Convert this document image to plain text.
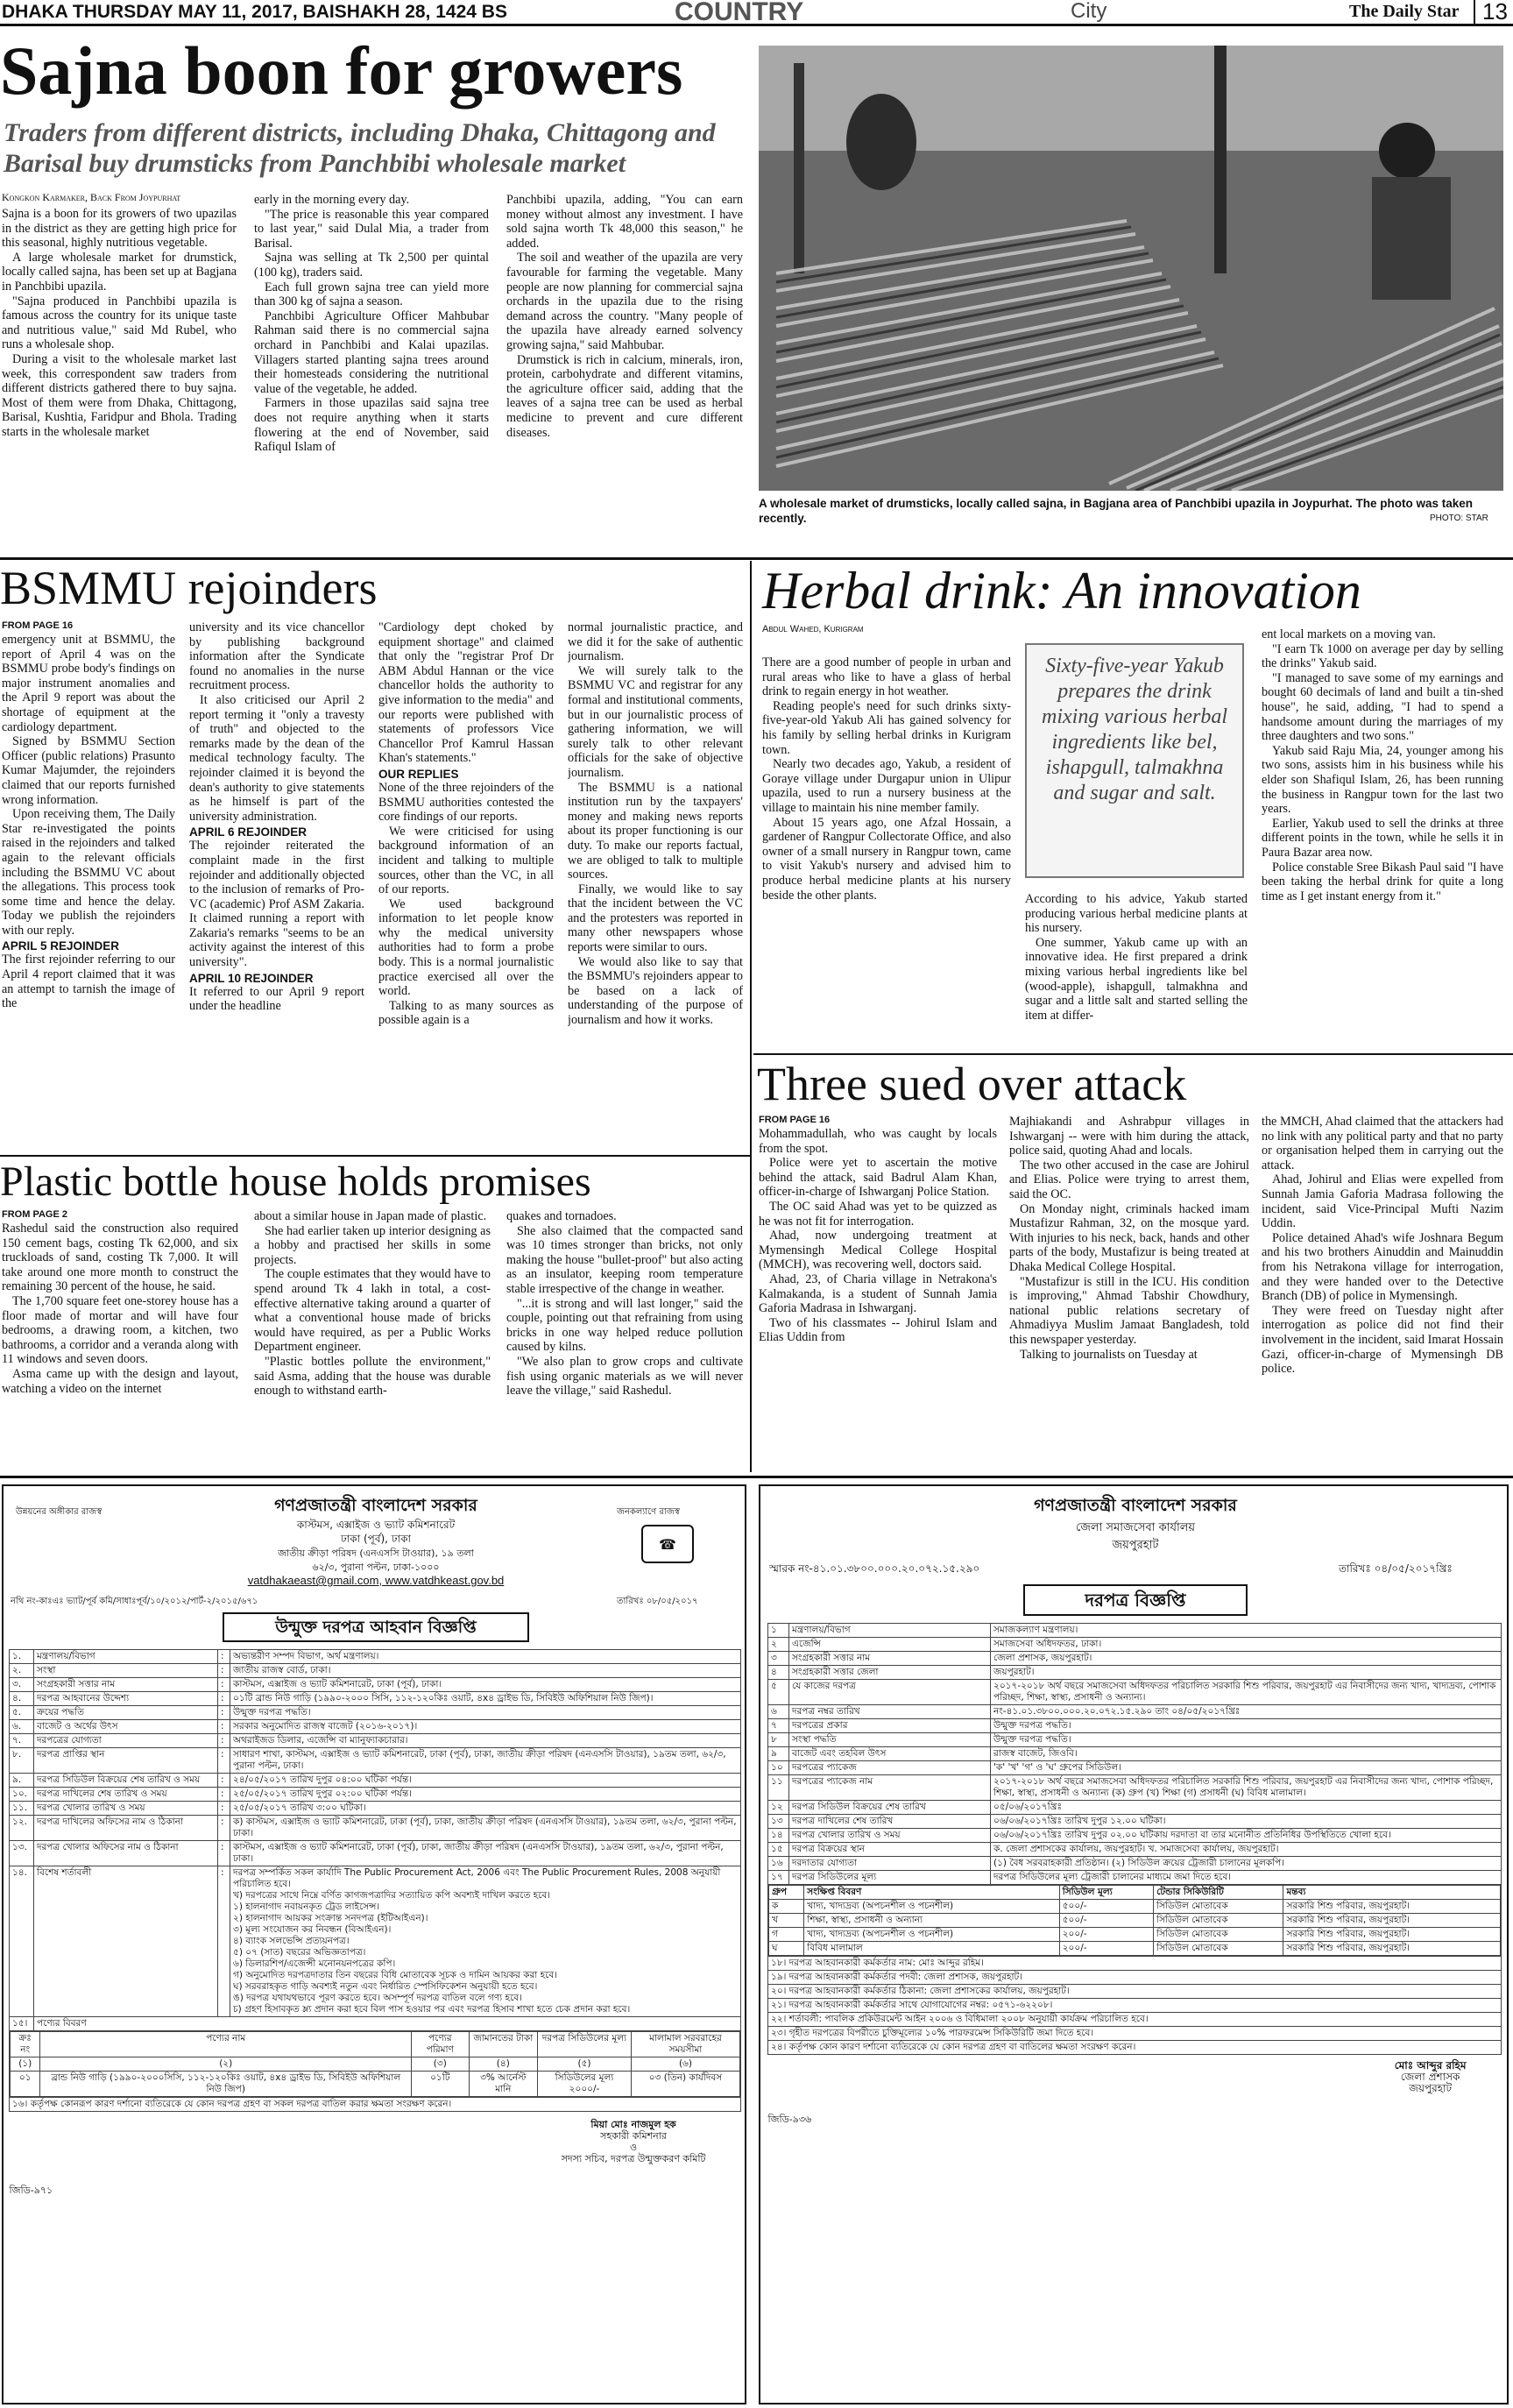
DHAKA THURSDAY MAY 11, 2017, BAISHAKH 28, 1424 BS	COUNTRY	City	The Daily Star	13
Sajna boon for growers
Traders from different districts, including Dhaka, Chittagong and Barisal buy drumsticks from Panchbibi wholesale market
Kongkon Karmaker, Back From Joypurhat

Sajna is a boon for its growers of two upazilas in the district as they are getting high price for this seasonal, highly nutritious vegetable.

A large wholesale market for drumstick, locally called sajna, has been set up at Bagjana in Panchbibi upazila.

"Sajna produced in Panchbibi upazila is famous across the country for its unique taste and nutritious value," said Md Rubel, who runs a wholesale shop.

During a visit to the wholesale market last week, this correspondent saw traders from different districts gathered there to buy sajna. Most of them were from Dhaka, Chittagong, Barisal, Kushtia, Faridpur and Bhola. Trading starts in the wholesale market

early in the morning every day.

"The price is reasonable this year compared to last year," said Dulal Mia, a trader from Barisal.

Sajna was selling at Tk 2,500 per quintal (100 kg), traders said.

Each full grown sajna tree can yield more than 300 kg of sajna a season.

Panchbibi Agriculture Officer Mahbubar Rahman said there is no commercial sajna orchard in Panchbibi and Kalai upazilas. Villagers started planting sajna trees around their homesteads considering the nutritional value of the vegetable, he added.

Farmers in those upazilas said sajna tree does not require anything when it starts flowering at the end of November, said Rafiqul Islam of

Panchbibi upazila, adding, "You can earn money without almost any investment. I have sold sajna worth Tk 48,000 this season," he added.

The soil and weather of the upazila are very favourable for farming the vegetable. Many people are now planning for commercial sajna orchards in the upazila due to the rising demand across the country. "Many people of the upazila have already earned solvency growing sajna," said Mahbubar.

Drumstick is rich in calcium, minerals, iron, protein, carbohydrate and different vitamins, the agriculture officer said, adding that the leaves of a sajna tree can be used as herbal medicine to prevent and cure different diseases.

A wholesale market of drumsticks, locally called sajna, in Bagjana area of Panchbibi upazila in Joypurhat. The photo was taken recently.	PHOTO: STAR
BSMMU rejoinders
FROM PAGE 16

emergency unit at BSMMU, the report of April 4 was on the BSMMU probe body's findings on major instrument anomalies and the April 9 report was about the shortage of equipment at the cardiology department.

Signed by BSMMU Section Officer (public relations) Prasunto Kumar Majumder, the rejoinders claimed that our reports furnished wrong information.

Upon receiving them, The Daily Star re-investigated the points raised in the rejoinders and talked again to the relevant officials including the BSMMU VC about the allegations. This process took some time and hence the delay. Today we publish the rejoinders with our reply.

APRIL 5 REJOINDER

The first rejoinder referring to our April 4 report claimed that it was an attempt to tarnish the image of the

university and its vice chancellor by publishing background information after the Syndicate found no anomalies in the nurse recruitment process.

It also criticised our April 2 report terming it "only a travesty of truth" and objected to the remarks made by the dean of the medical technology faculty. The rejoinder claimed it is beyond the dean's authority to give statements as he himself is part of the university administration.

APRIL 6 REJOINDER

The rejoinder reiterated the complaint made in the first rejoinder and additionally objected to the inclusion of remarks of Pro-VC (academic) Prof ASM Zakaria. It claimed running a report with Zakaria's remarks "seems to be an activity against the interest of this university".

APRIL 10 REJOINDER

It referred to our April 9 report under the headline

"Cardiology dept choked by equipment shortage" and claimed that only the "registrar Prof Dr ABM Abdul Hannan or the vice chancellor holds the authority to give information to the media" and our reports were published with statements of professors Vice Chancellor Prof Kamrul Hassan Khan's statements."

OUR REPLIES

None of the three rejoinders of the BSMMU authorities contested the core findings of our reports.

We were criticised for using background information of an incident and talking to multiple sources, other than the VC, in all of our reports.

We used background information to let people know why the medical university authorities had to form a probe body. This is a normal journalistic practice exercised all over the world.

Talking to as many sources as possible again is a

normal journalistic practice, and we did it for the sake of authentic journalism.

We will surely talk to the BSMMU VC and registrar for any formal and institutional comments, but in our journalistic process of gathering information, we will surely talk to other relevant officials for the sake of objective journalism.

The BSMMU is a national institution run by the taxpayers' money and making news reports about its proper functioning is our duty. To make our reports factual, we are obliged to talk to multiple sources.

Finally, we would like to say that the incident between the VC and the protesters was reported in many other newspapers whose reports were similar to ours.

We would also like to say that the BSMMU's rejoinders appear to be based on a lack of understanding of the purpose of journalism and how it works.

Herbal drink: An innovation
Abdul Wahed, Kurigram

There are a good number of people in urban and rural areas who like to have a glass of herbal drink to regain energy in hot weather.

Reading people's need for such drinks sixty-five-year-old Yakub Ali has gained solvency for his family by selling herbal drinks in Kurigram town.

Nearly two decades ago, Yakub, a resident of Goraye village under Durgapur union in Ulipur upazila, used to run a nursery business at the village to maintain his nine member family.

About 15 years ago, one Afzal Hossain, a gardener of Rangpur Collectorate Office, and also owner of a small nursery in Rangpur town, came to visit Yakub's nursery and advised him to produce herbal medicine plants at his nursery beside the other plants.

Sixty-five-year Yakub prepares the drink mixing various herbal ingredients like bel, ishapgull, talmakhna and sugar and salt.

According to his advice, Yakub started producing various herbal medicine plants at his nursery.

One summer, Yakub came up with an innovative idea. He first prepared a drink mixing various herbal ingredients like bel (wood-apple), ishapgull, talmakhna and sugar and a little salt and started selling the item at differ-

ent local markets on a moving van.

"I earn Tk 1000 on average per day by selling the drinks" Yakub said.

"I managed to save some of my earnings and bought 60 decimals of land and built a tin-shed house", he said, adding, "I had to spend a handsome amount during the marriages of my three daughters and two sons."

Yakub said Raju Mia, 24, younger among his two sons, assists him in his business while his elder son Shafiqul Islam, 26, has been running the business in Rangpur town for the last two years.

Earlier, Yakub used to sell the drinks at three different points in the town, while he sells it in Paura Bazar area now.

Police constable Sree Bikash Paul said "I have been taking the herbal drink for quite a long time as I get instant energy from it."

Three sued over attack
FROM PAGE 16

Mohammadullah, who was caught by locals from the spot.

Police were yet to ascertain the motive behind the attack, said Badrul Alam Khan, officer-in-charge of Ishwarganj Police Station.

The OC said Ahad was yet to be quizzed as he was not fit for interrogation.

Ahad, now undergoing treatment at Mymensingh Medical College Hospital (MMCH), was recovering well, doctors said.

Ahad, 23, of Charia village in Netrakona's Kalmakanda, is a student of Sunnah Jamia Gaforia Madrasa in Ishwarganj.

Two of his classmates -- Johirul Islam and Elias Uddin from

Majhiakandi and Ashrabpur villages in Ishwarganj -- were with him during the attack, police said, quoting Ahad and locals.

The two other accused in the case are Johirul and Elias. Police were trying to arrest them, said the OC.

On Monday night, criminals hacked imam Mustafizur Rahman, 32, on the mosque yard. With injuries to his neck, back, hands and other parts of the body, Mustafizur is being treated at Dhaka Medical College Hospital.

"Mustafizur is still in the ICU. His condition is improving," Ahmad Tabshir Chowdhury, national public relations secretary of Ahmadiyya Muslim Jamaat Bangladesh, told this newspaper yesterday.

Talking to journalists on Tuesday at

the MMCH, Ahad claimed that the attackers had no link with any political party and that no party or organisation helped them in carrying out the attack.

Ahad, Johirul and Elias were expelled from Sunnah Jamia Gaforia Madrasa following the incident, said Vice-Principal Mufti Nazim Uddin.

Police detained Ahad's wife Joshnara Begum and his two brothers Ainuddin and Mainuddin from his Netrakona village for interrogation, and they were handed over to the Detective Branch (DB) of police in Mymensingh.

They were freed on Tuesday night after interrogation as police did not find their involvement in the incident, said Imarat Hossain Gazi, officer-in-charge of Mymensingh DB police.

Plastic bottle house holds promises
FROM PAGE 2

Rashedul said the construction also required 150 cement bags, costing Tk 62,000, and six truckloads of sand, costing Tk 7,000. It will take around one more month to construct the remaining 30 percent of the house, he said.

The 1,700 square feet one-storey house has a floor made of mortar and will have four bedrooms, a drawing room, a kitchen, two bathrooms, a corridor and a veranda along with 11 windows and seven doors.

Asma came up with the design and layout, watching a video on the internet

about a similar house in Japan made of plastic.

She had earlier taken up interior designing as a hobby and practised her skills in some projects.

The couple estimates that they would have to spend around Tk 4 lakh in total, a cost-effective alternative taking around a quarter of what a conventional house made of bricks would have required, as per a Public Works Department engineer.

"Plastic bottles pollute the environment," said Asma, adding that the house was durable enough to withstand earth-

quakes and tornadoes.

She also claimed that the compacted sand was 10 times stronger than bricks, not only making the house "bullet-proof" but also acting as an insulator, keeping room temperature stable irrespective of the change in weather.

"...it is strong and will last longer," said the couple, pointing out that refraining from using bricks in one way helped reduce pollution caused by kilns.

"We also plan to grow crops and cultivate fish using organic materials as we will never leave the village," said Rashedul.

উন্নয়নের অঙ্গীকার রাজস্ব	জনকল্যাণে রাজস্ব
☎
গণপ্রজাতন্ত্রী বাংলাদেশ সরকার
কাস্টমস, এক্সাইজ ও ভ্যাট কমিশনারেট
ঢাকা (পূর্ব), ঢাকা
জাতীয় ক্রীড়া পরিষদ (এনএসসি টাওয়ার), ১৯ তলা
৬২/৩, পুরানা পল্টন, ঢাকা-১০০০
vatdhakaeast@gmail.com, www.vatdhkeast.gov.bd
নথি নং-কাঃএঃ ভ্যাট/পূর্ব কমি/সাধাঃপূর্ব/১০/২০১২/পার্ট-২/২০১৫/৬৭১	তারিখঃ ০৮/০৫/২০১৭
উন্মুক্ত দরপত্র আহবান বিজ্ঞপ্তি
১.	মন্ত্রণালয়/বিভাগ	:	অভ্যন্তরীণ সম্পদ বিভাগ, অর্থ মন্ত্রণালয়।
২.	সংস্থা	:	জাতীয় রাজস্ব বোর্ড, ঢাকা।
৩.	সংগ্রহকারী সত্তার নাম	:	কাস্টমস, এক্সাইজ ও ভ্যাট কমিশনারেট, ঢাকা (পূর্ব), ঢাকা।
৪.	দরপত্র আহবানের উদ্দেশ্য	:	০১টি ব্রান্ড নিউ গাড়ি (১৯৯০-২০০০ সিসি, ১১২-১২০কিঃ ওয়াট, ৪x৪ ড্রাইভ ডি, সিবিইউ অফিশিয়াল নিউ জিপ)।
৫.	ক্রয়ের পদ্ধতি	:	উন্মুক্ত দরপত্র পদ্ধতি।
৬.	বাজেট ও অর্থের উৎস	:	সরকার অনুমোদিত রাজস্ব বাজেট (২০১৬-২০১৭)।
৭.	দরপত্রের যোগ্যতা	:	অথরাইজড ডিলার, এজেন্সি বা ম্যানুফ্যাকচারার।
৮.	দরপত্র প্রাপ্তির স্থান	:	সাধারণ শাখা, কাস্টমস, এক্সাইজ ও ভ্যাট কমিশনারেট, ঢাকা (পূর্ব), ঢাকা, জাতীয় ক্রীড়া পরিষদ (এনএসসি টাওয়ার), ১৯তম তলা, ৬২/৩, পুরানা পল্টন, ঢাকা।
৯.	দরপত্র সিডিউল বিক্রয়ের শেষ তারিখ ও সময়	:	২৪/০৫/২০১৭ তারিখ দুপুর ০৪:০০ ঘটিকা পর্যন্ত।
১০.	দরপত্র দাখিলের শেষ তারিখ ও সময়	:	২৫/০৫/২০১৭ তারিখ দুপুর ০২:০০ ঘটিকা পর্যন্ত।
১১.	দরপত্র খোলার তারিখ ও সময়	:	২৫/০৫/২০১৭ তারিখ ৩:০০ ঘটিকা।
১২.	দরপত্র দাখিলের অফিসের নাম ও ঠিকানা	:	ক) কাস্টমস, এক্সাইজ ও ভ্যাট কমিশনারেট, ঢাকা (পূর্ব), ঢাকা, জাতীয় ক্রীড়া পরিষদ (এনএসসি টাওয়ার), ১৯তম তলা, ৬২/৩, পুরানা পল্টন, ঢাকা।
১৩.	দরপত্র খোলার অফিসের নাম ও ঠিকানা	:	কাস্টমস, এক্সাইজ ও ভ্যাট কমিশনারেট, ঢাকা (পূর্ব), ঢাকা, জাতীয় ক্রীড়া পরিষদ (এনএসসি টাওয়ার), ১৯তম তলা, ৬২/৩, পুরানা পল্টন, ঢাকা।
১৪.	বিশেষ শর্তাবলী	:	দরপত্র সম্পর্কিত সকল কার্যাদি The Public Procurement Act, 2006 এবং The Public Procurement Rules, 2008 অনুযায়ী পরিচালিত হবে।
খ) দরপত্রের সাথে নিম্নে বর্ণিত কাগজপত্রাদির সত্যায়িত কপি অবশ্যই দাখিল করতে হবে।
১) হালনাগাদ নবায়নকৃত ট্রেড লাইসেন্স।
২) হালনাগাদ আয়কর সংক্রান্ত সনদপত্র (ইটিআইএন)।
৩) মূল্য সংযোজন কর নিবন্ধন (বিআইএন)।
৪) ব্যাংক সলভেন্সি প্রত্যয়নপত্র।
৫) ০৭ (সাত) বছরের অভিজ্ঞতাপত্র।
৬) ডিলারশিপ/এজেন্সী মনোনয়নপত্রের কপি।
গ) অনুমোদিত দরপত্রদাতার তিন বছরের বিধি মোতাবেক সূচক ও দামিন আয়কর করা হবে।
ঘ) সরবরাহকৃত গাড়ি অবশ্যই নতুন এবং নির্ধারিত স্পেসিফিকেশন অনুযায়ী হতে হবে।
ঙ) দরপত্র যথাযথভাবে পূরণ করতে হবে। অসম্পূর্ণ দরপত্র বাতিল বলে গণ্য হবে।
চ) গ্রহণ হিসাবকৃত ম্ল্য প্রদান করা হবে বিল পাস হওয়ার পর এবং দরপত্র হিসাব শাখা হতে চেক প্রদান করা হবে।

১৫।	পণ্যের বিবরণ

ক্রঃ নং	পণ্যের নাম	পণ্যের পরিমাণ	জামানতের টাকা	দরপত্র সিডিউলের মূল্য	মালামাল সরবরাহের সময়সীমা
(১)	(২)	(৩)	(৪)	(৫)	(৬)
০১	ব্রান্ড নিউ গাড়ি (১৯৯০-২০০০সিসি, ১১২-১২০কিঃ ওয়াট, ৪x৪ ড্রাইভ ডি, সিবিইউ অফিশিয়াল নিউ জিপ)	০১টি	৩% আর্নেস্ট মানি	সিডিউলের মূল্য ২০০০/-	০৩ (তিন) কার্যদিবস

১৬। কর্তৃপক্ষ কোনরূপ কারণ দর্শানো ব্যতিরেকে যে কোন দরপত্র গ্রহণ বা সকল দরপত্র বাতিল করার ক্ষমতা সংরক্ষণ করেন।

জিডি-৯৭১
মিয়া মোঃ নাজমুল হক
সহকারী কমিশনার
ও
সদস্য সচিব, দরপত্র উন্মুক্তকরণ কমিটি
গণপ্রজাতন্ত্রী বাংলাদেশ সরকার
জেলা সমাজসেবা কার্যালয়
জয়পুরহাট
স্মারক নং-৪১.০১.৩৮০০.০০০.২০.০৭২.১৫.২৯০	তারিখঃ ০৪/০৫/২০১৭খ্রিঃ
দরপত্র বিজ্ঞপ্তি
১	মন্ত্রণালয়/বিভাগ	সমাজকল্যাণ মন্ত্রণালয়।
২	এজেন্সি	সমাজসেবা অধিদফতর, ঢাকা।
৩	সংগ্রহকারী সত্তার নাম	জেলা প্রশাসক, জয়পুরহাট।
৪	সংগ্রহকারী সত্তার জেলা	জয়পুরহাট।
৫	যে কাজের দরপত্র	২০১৭-২০১৮ অর্থ বছরে সমাজসেবা অধিদফতর পরিচালিত সরকারি শিশু পরিবার, জয়পুরহাট এর নিবাসীদের জন্য খাদ্য, খাদ্যদ্রব্য, পোশাক পরিচ্ছদ, শিক্ষা, স্বাস্থ্য, প্রসাধনী ও অন্যান্য।
৬	দরপত্র নম্বর তারিখ	নং-৪১.০১.৩৮০০.০০০.২০.০৭২.১৫.২৯০ তাং ০৪/০৫/২০১৭খ্রিঃ
৭	দরপত্রের প্রকার	উন্মুক্ত দরপত্র পদ্ধতি।
৮	সংস্থা পদ্ধতি	উন্মুক্ত দরপত্র পদ্ধতি।
৯	বাজেট এবং তহবিল উৎস	রাজস্ব বাজেট, জিওবি।
১০	দরপত্রের প্যাকেজ	'ক' 'খ' 'গ' ও 'ঘ' গ্রুপের সিডিউল।
১১	দরপত্রের প্যাকেজ নাম	২০১৭-২০১৮ অর্থ বছরে সমাজসেবা অধিদফতর পরিচালিত সরকারি শিশু পরিবার, জয়পুরহাট এর নিবাসীদের জন্য খাদ্য, পোশাক পরিচ্ছদ, শিক্ষা, স্বাস্থ্য, প্রসাধনী ও অন্যান্য (ক) গ্রুপ (খ) শিক্ষা (গ) প্রসাধনী (ঘ) বিবিধ মালামাল।
১২	দরপত্র সিডিউল বিক্রয়ের শেষ তারিখ	০৫/০৬/২০১৭খ্রিঃ
১৩	দরপত্র দাখিলের শেষ তারিখ	০৬/০৬/২০১৭খ্রিঃ তারিখ দুপুর ১২.০০ ঘটিকা।
১৪	দরপত্র খোলার তারিখ ও সময়	০৬/০৬/২০১৭খ্রিঃ তারিখ দুপুর ০২.০০ ঘটিকায় দরদাতা বা তার মনোনীত প্রতিনিধির উপস্থিতিতে খোলা হবে।
১৫	দরপত্র বিক্রয়ের স্থান	ক. জেলা প্রশাসকের কার্যালয়, জয়পুরহাট। খ. সমাজসেবা কার্যালয়, জয়পুরহাট।
১৬	দরদাতার যোগ্যতা	(১) বৈধ সরবরাহকারী প্রতিষ্ঠান। (২) সিডিউল ক্রয়ের ট্রেজারী চালানের মূলকপি।
১৭	দরপত্র সিডিউলের মূল্য	দরপত্র সিডিউলের মূল্য ট্রেজারী চালানের মাধ্যমে জমা দিতে হবে।

গ্রুপ	সংক্ষিপ্ত বিবরণ	সিডিউল মূল্য	টেন্ডার সিকিউরিটি	মন্তব্য
ক	খাদ্য, খাদ্যদ্রব্য (অপচনশীল ও পচনশীল)	৫০০/-	সিডিউল মোতাবেক	সরকারি শিশু পরিবার, জয়পুরহাট।
খ	শিক্ষা, স্বাস্থ্য, প্রসাধনী ও অন্যান্য	৫০০/-	সিডিউল মোতাবেক	সরকারি শিশু পরিবার, জয়পুরহাট।
গ	খাদ্য, খাদ্যদ্রব্য (অপচনশীল ও পচনশীল)	২০০/-	সিডিউল মোতাবেক	সরকারি শিশু পরিবার, জয়পুরহাট।
ঘ	বিবিধ মালামাল	২০০/-	সিডিউল মোতাবেক	সরকারি শিশু পরিবার, জয়পুরহাট।

১৮। দরপত্র আহবানকারী কর্মকর্তার নাম: মোঃ আব্দুর রহিম।
১৯। দরপত্র আহবানকারী কর্মকর্তার পদবী: জেলা প্রশাসক, জয়পুরহাট।
২০। দরপত্র আহবানকারী কর্মকর্তার ঠিকানা: জেলা প্রশাসকের কার্যালয়, জয়পুরহাট।
২১। দরপত্র আহবানকারী কর্মকর্তার সাথে যোগাযোগের নম্বর: ০৫৭১-৬২২০৮।
২২। শর্তাবলী: পাবলিক প্রকিউরমেন্ট আইন ২০০৬ ও বিধিমালা ২০০৮ অনুযায়ী কার্যক্রম পরিচালিত হবে।
২৩। গৃহীত দরপত্রের বিপরীতে চুক্তিমূল্যের ১০% পারফরমেন্স সিকিউরিটি জমা দিতে হবে।
২৪। কর্তৃপক্ষ কোন কারণ দর্শানো ব্যতিরেকে যে কোন দরপত্র গ্রহণ বা বাতিলের ক্ষমতা সংরক্ষণ করেন।

জিডি-৯৩৬
মোঃ আব্দুর রহিম
জেলা প্রশাসক
জয়পুরহাট
